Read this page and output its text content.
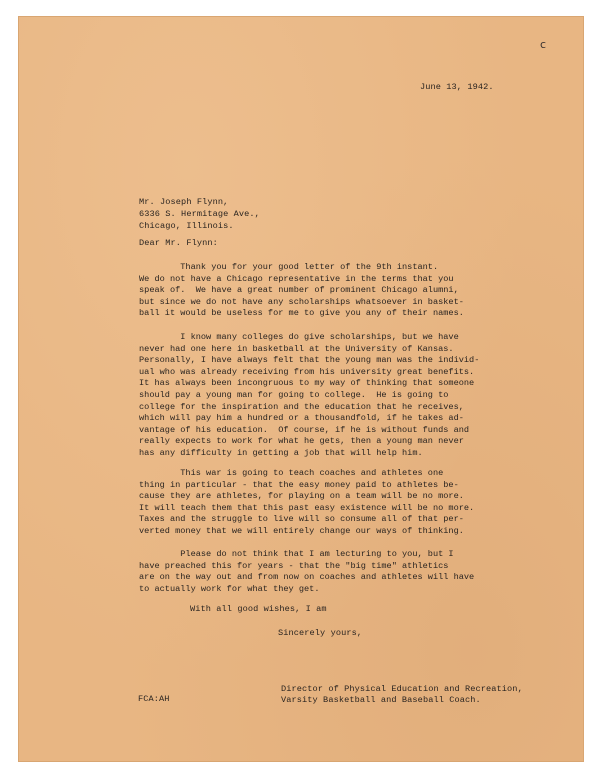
c
June 13, 1942.
Mr. Joseph Flynn,
6336 S. Hermitage Ave.,
Chicago, Illinois.
Dear Mr. Flynn:
Thank you for your good letter of the 9th instant.
We do not have a Chicago representative in the terms that you
speak of.  We have a great number of prominent Chicago alumni,
but since we do not have any scholarships whatsoever in basket-
ball it would be useless for me to give you any of their names.
I know many colleges do give scholarships, but we have
never had one here in basketball at the University of Kansas.
Personally, I have always felt that the young man was the individ-
ual who was already receiving from his university great benefits.
It has always been incongruous to my way of thinking that someone
should pay a young man for going to college.  He is going to
college for the inspiration and the education that he receives,
which will pay him a hundred or a thousandfold, if he takes ad-
vantage of his education.  Of course, if he is without funds and
really expects to work for what he gets, then a young man never
has any difficulty in getting a job that will help him.
This war is going to teach coaches and athletes one
thing in particular - that the easy money paid to athletes be-
cause they are athletes, for playing on a team will be no more.
It will teach them that this past easy existence will be no more.
Taxes and the struggle to live will so consume all of that per-
verted money that we will entirely change our ways of thinking.
Please do not think that I am lecturing to you, but I
have preached this for years - that the "big time" athletics
are on the way out and from now on coaches and athletes will have
to actually work for what they get.
With all good wishes, I am
Sincerely yours,
Director of Physical Education and Recreation,
Varsity Basketball and Baseball Coach.
FCA:AH
